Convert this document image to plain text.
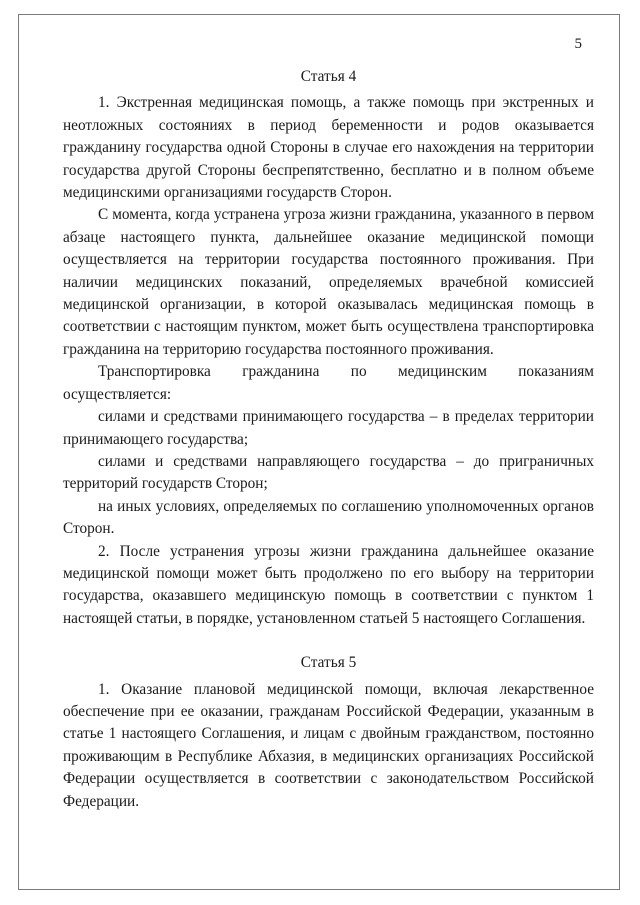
5
Статья 4

1. Экстренная медицинская помощь, а также помощь при экстренных и неотложных состояниях в период беременности и родов оказывается гражданину государства одной Стороны в случае его нахождения на территории государства другой Стороны беспрепятственно, бесплатно и в полном объеме медицинскими организациями государств Сторон.

С момента, когда устранена угроза жизни гражданина, указанного в первом абзаце настоящего пункта, дальнейшее оказание медицинской помощи осуществляется на территории государства постоянного проживания. При наличии медицинских показаний, определяемых врачебной комиссией медицинской организации, в которой оказывалась медицинская помощь в соответствии с настоящим пунктом, может быть осуществлена транспортировка гражданина на территорию государства постоянного проживания.

Транспортировка гражданина по медицинским показаниям осуществляется:

силами и средствами принимающего государства – в пределах территории принимающего государства;

силами и средствами направляющего государства – до приграничных территорий государств Сторон;

на иных условиях, определяемых по соглашению уполномоченных органов Сторон.

2. После устранения угрозы жизни гражданина дальнейшее оказание медицинской помощи может быть продолжено по его выбору на территории государства, оказавшего медицинскую помощь в соответствии с пунктом 1 настоящей статьи, в порядке, установленном статьей 5 настоящего Соглашения.

Статья 5

1. Оказание плановой медицинской помощи, включая лекарственное обеспечение при ее оказании, гражданам Российской Федерации, указанным в статье 1 настоящего Соглашения, и лицам с двойным гражданством, постоянно проживающим в Республике Абхазия, в медицинских организациях Российской Федерации осуществляется в соответствии с законодательством Российской Федерации.
